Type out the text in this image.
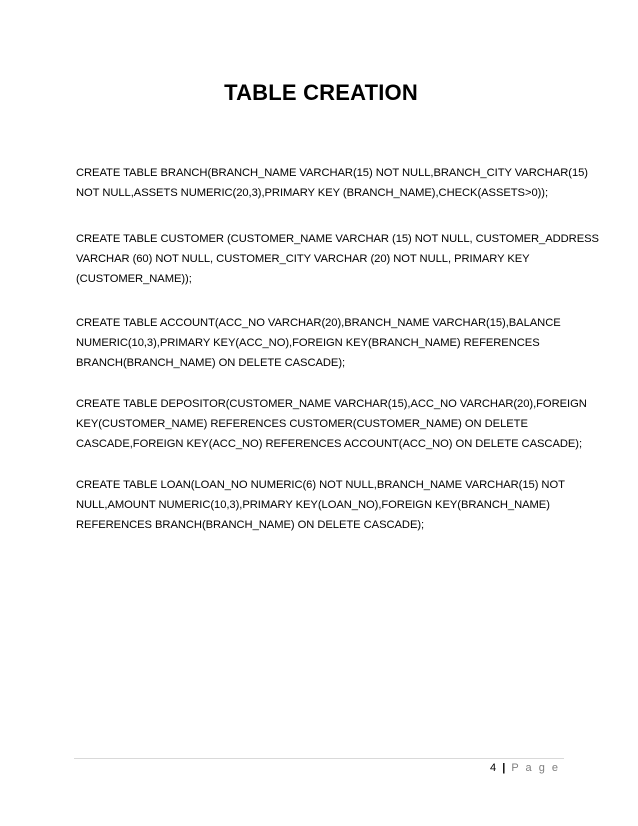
TABLE CREATION
CREATE TABLE BRANCH(BRANCH_NAME VARCHAR(15) NOT NULL,BRANCH_CITY VARCHAR(15)
NOT NULL,ASSETS NUMERIC(20,3),PRIMARY KEY (BRANCH_NAME),CHECK(ASSETS>0));
CREATE TABLE CUSTOMER (CUSTOMER_NAME VARCHAR (15) NOT NULL, CUSTOMER_ADDRESS
VARCHAR (60) NOT NULL, CUSTOMER_CITY VARCHAR (20) NOT NULL, PRIMARY KEY
(CUSTOMER_NAME));
CREATE TABLE ACCOUNT(ACC_NO VARCHAR(20),BRANCH_NAME VARCHAR(15),BALANCE
NUMERIC(10,3),PRIMARY KEY(ACC_NO),FOREIGN KEY(BRANCH_NAME) REFERENCES
BRANCH(BRANCH_NAME) ON DELETE CASCADE);
CREATE TABLE DEPOSITOR(CUSTOMER_NAME VARCHAR(15),ACC_NO VARCHAR(20),FOREIGN
KEY(CUSTOMER_NAME) REFERENCES CUSTOMER(CUSTOMER_NAME) ON DELETE
CASCADE,FOREIGN KEY(ACC_NO) REFERENCES ACCOUNT(ACC_NO) ON DELETE CASCADE);
CREATE TABLE LOAN(LOAN_NO NUMERIC(6) NOT NULL,BRANCH_NAME VARCHAR(15) NOT
NULL,AMOUNT NUMERIC(10,3),PRIMARY KEY(LOAN_NO),FOREIGN KEY(BRANCH_NAME)
REFERENCES BRANCH(BRANCH_NAME) ON DELETE CASCADE);
4 | P a g e
